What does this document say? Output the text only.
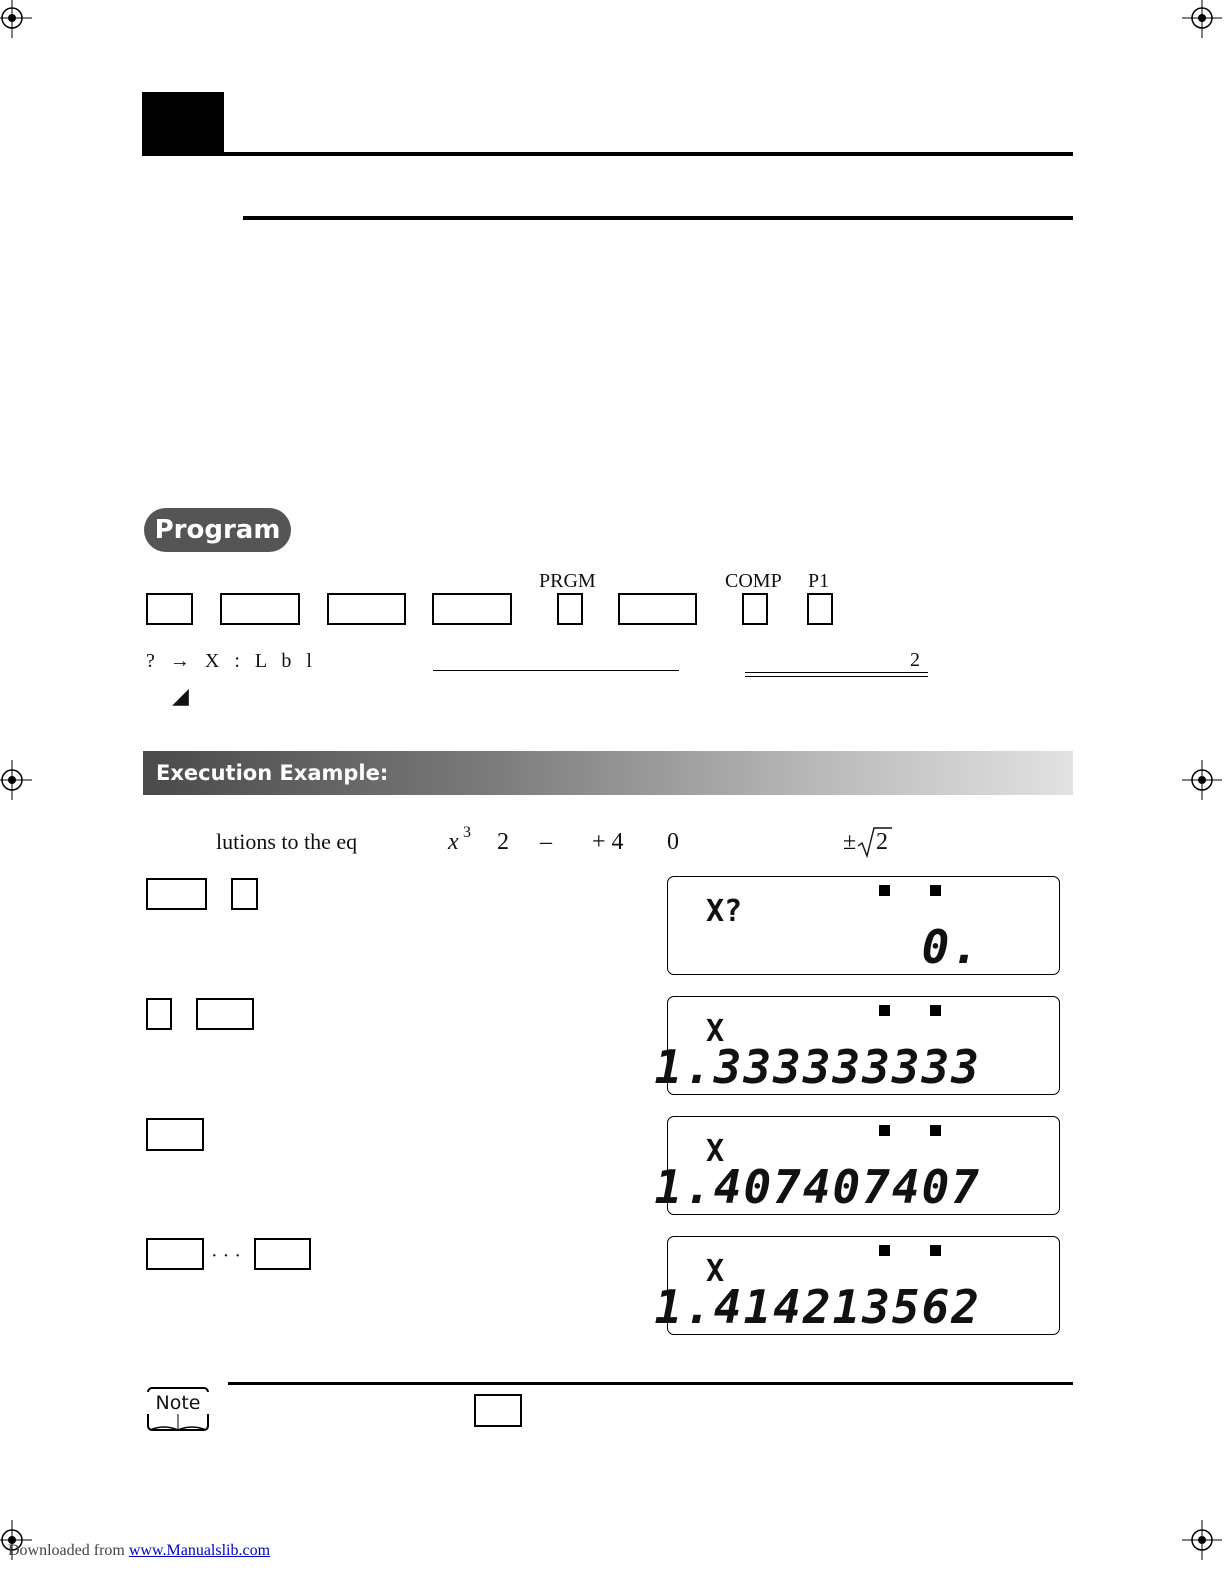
Program
PRGM	COMP P1
? → X : L b l	2
◢
Execution Example:
lutions to the eq	x 3 2 – + 4 0	± 2
· · ·
X?
0.
X
1.333333333
X
1.407407407
X
1.414213562
Note
Downloaded from www.Manualslib.com
